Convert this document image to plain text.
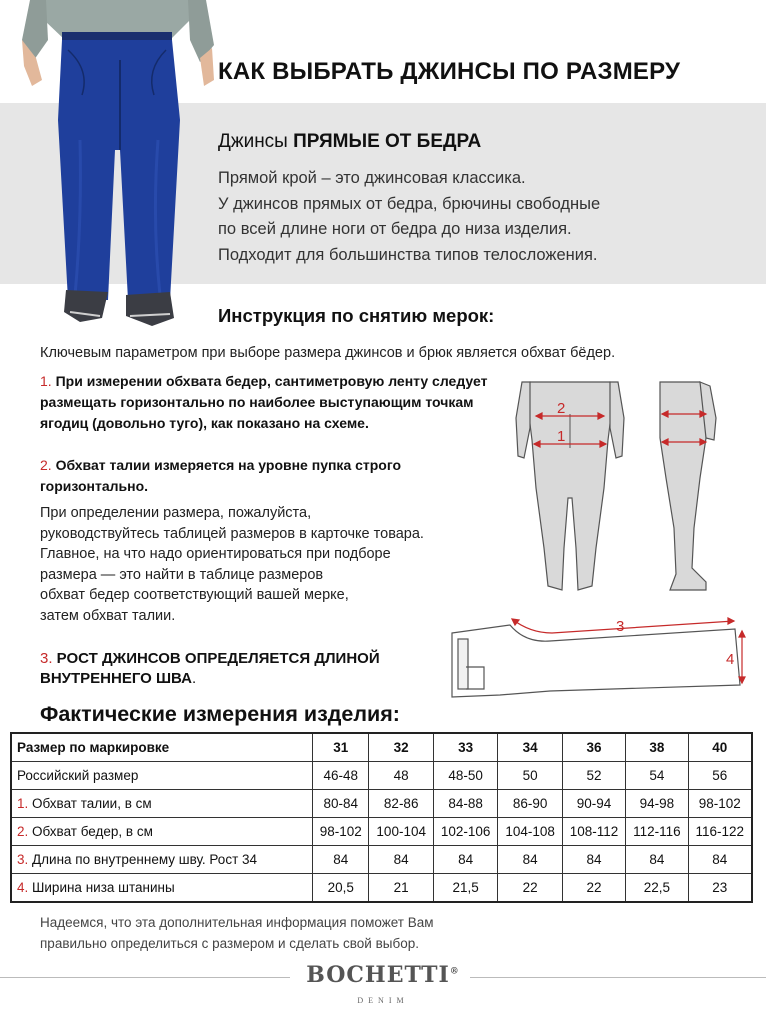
КАК ВЫБРАТЬ ДЖИНСЫ ПО РАЗМЕРУ
Джинсы ПРЯМЫЕ ОТ БЕДРА
Прямой крой – это джинсовая классика.
У джинсов прямых от бедра, брючины свободные
по всей длине ноги от бедра до низа изделия.
Подходит для большинства типов телосложения.
Инструкция по снятию мерок:
Ключевым параметром при выборе размера джинсов и брюк является обхват бёдер.
1. При измерении обхвата бедер, сантиметровую ленту следует размещать горизонтально по наиболее выступающим точкам ягодиц (довольно туго), как показано на схеме.
2. Обхват талии измеряется на уровне пупка строго горизонтально.
При определении размера, пожалуйста,
руководствуйтесь таблицей размеров в карточке товара.
Главное, на что надо ориентироваться при подборе
размера — это найти в таблице размеров
обхват бедер соответствующий вашей мерке,
затем обхват талии.
3. РОСТ ДЖИНСОВ ОПРЕДЕЛЯЕТСЯ ДЛИНОЙ ВНУТРЕННЕГО ШВА.
2
1
3
4
Фактические измерения изделия:
Размер по маркировке	31	32	33	34	36	38	40
Российский размер	46-48	48	48-50	50	52	54	56
1. Обхват талии, в см	80-84	82-86	84-88	86-90	90-94	94-98	98-102
2. Обхват бедер, в см	98-102	100-104	102-106	104-108	108-112	112-116	116-122
3. Длина по внутреннему шву. Рост 34	84	84	84	84	84	84	84
4. Ширина низа штанины	20,5	21	21,5	22	22	22,5	23
Надеемся, что эта дополнительная информация поможет Вам
правильно определиться с размером и сделать свой выбор.
BOCHETTI®
DENIM
